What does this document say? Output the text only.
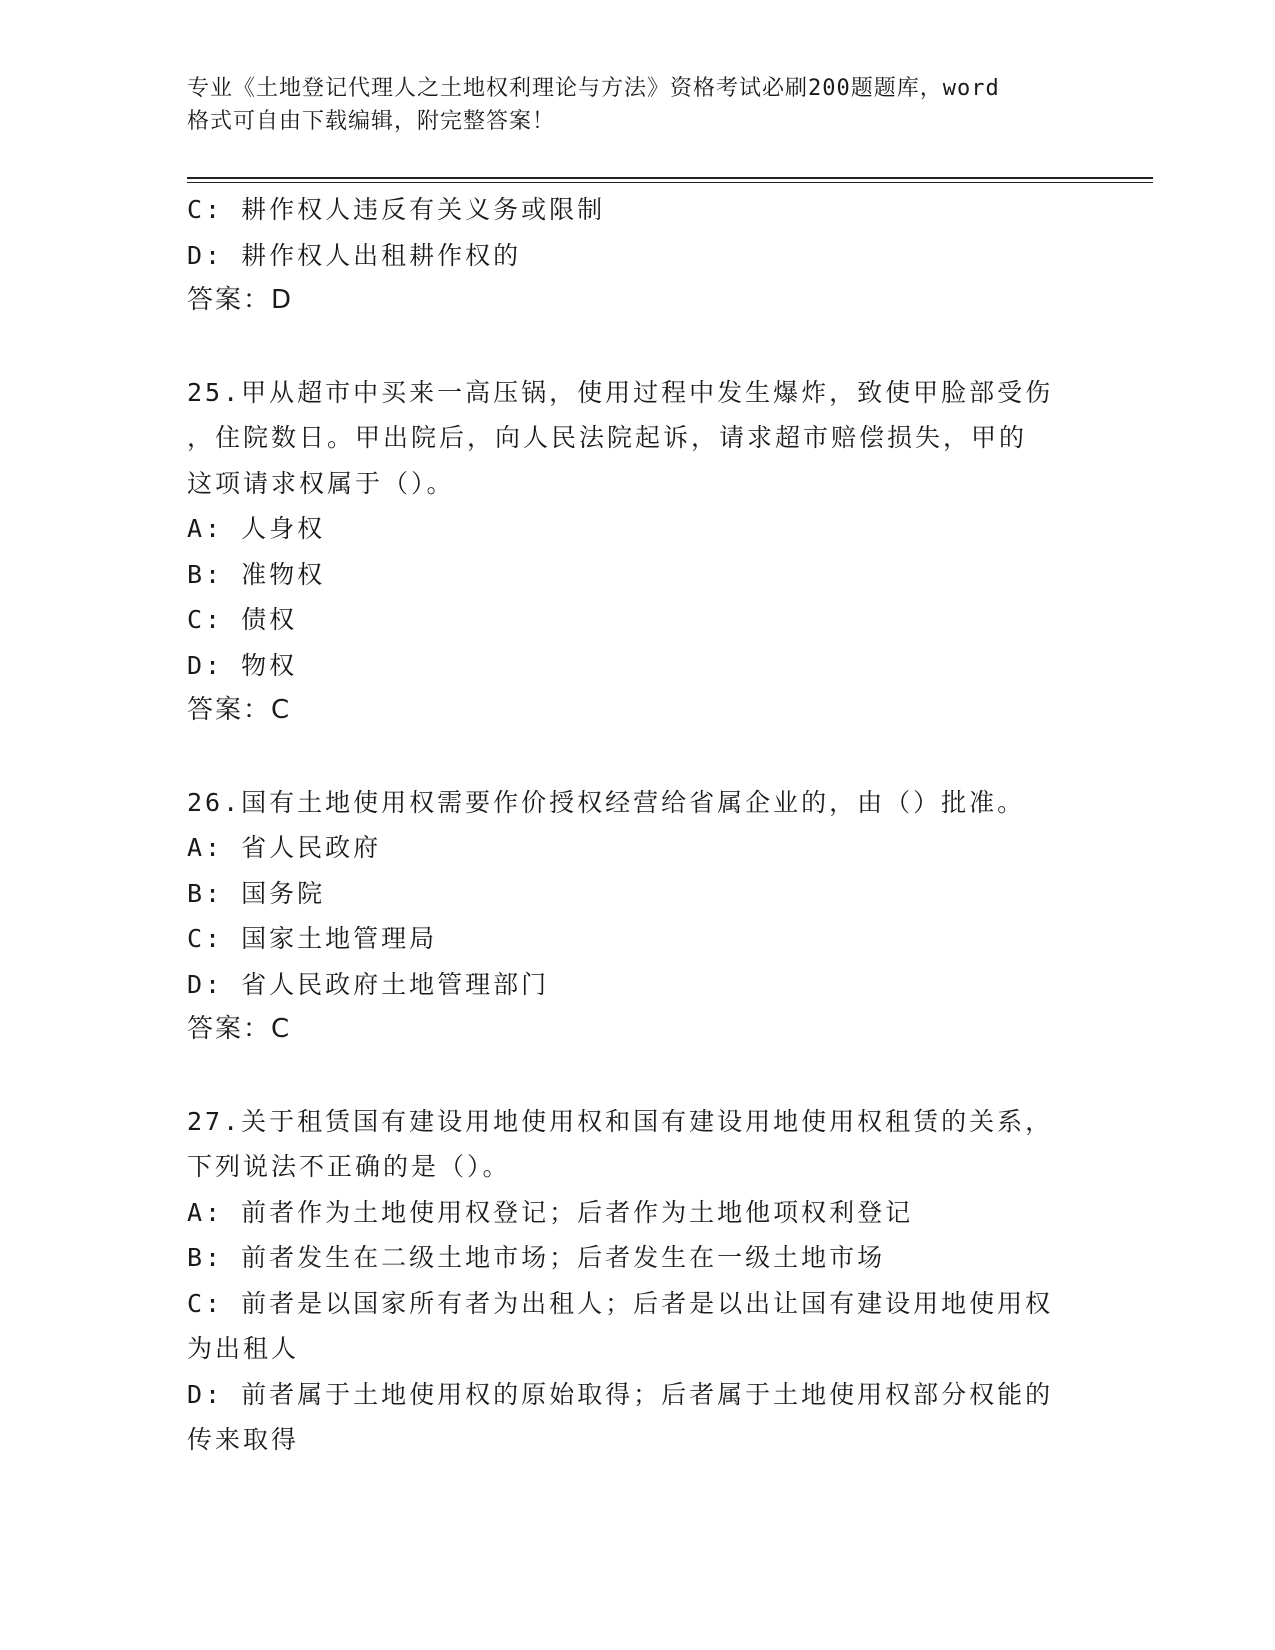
专业《土地登记代理人之土地权利理论与方法》资格考试必刷200题题库，word
格式可自由下载编辑，附完整答案！
C: 耕作权人违反有关义务或限制
D: 耕作权人出租耕作权的
答案：D
25.甲从超市中买来一高压锅，使用过程中发生爆炸，致使甲脸部受伤
，住院数日。甲出院后，向人民法院起诉，请求超市赔偿损失，甲的
这项请求权属于（）。
A: 人身权
B: 准物权
C: 债权
D: 物权
答案：C
26.国有土地使用权需要作价授权经营给省属企业的，由（）批准。
A: 省人民政府
B: 国务院
C: 国家土地管理局
D: 省人民政府土地管理部门
答案：C
27.关于租赁国有建设用地使用权和国有建设用地使用权租赁的关系，
下列说法不正确的是（）。
A: 前者作为土地使用权登记；后者作为土地他项权利登记
B: 前者发生在二级土地市场；后者发生在一级土地市场
C: 前者是以国家所有者为出租人；后者是以出让国有建设用地使用权
为出租人
D: 前者属于土地使用权的原始取得；后者属于土地使用权部分权能的
传来取得
